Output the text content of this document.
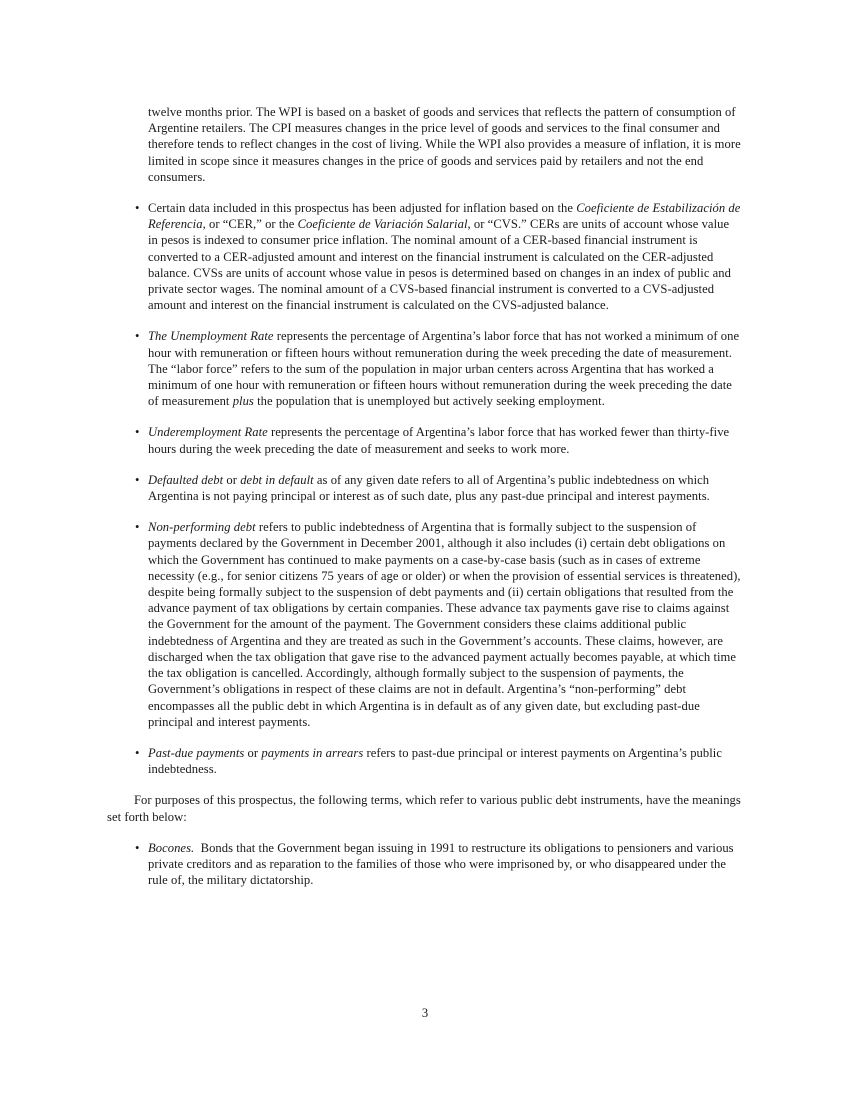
twelve months prior. The WPI is based on a basket of goods and services that reflects the pattern of consumption of Argentine retailers. The CPI measures changes in the price level of goods and services to the final consumer and therefore tends to reflect changes in the cost of living. While the WPI also provides a measure of inflation, it is more limited in scope since it measures changes in the price of goods and services paid by retailers and not the end consumers.

• Certain data included in this prospectus has been adjusted for inflation based on the Coeficiente de Estabilización de Referencia, or “CER,” or the Coeficiente de Variación Salarial, or “CVS.” CERs are units of account whose value in pesos is indexed to consumer price inflation. The nominal amount of a CER-based financial instrument is converted to a CER-adjusted amount and interest on the financial instrument is calculated on the CER-adjusted balance. CVSs are units of account whose value in pesos is determined based on changes in an index of public and private sector wages. The nominal amount of a CVS-based financial instrument is converted to a CVS-adjusted amount and interest on the financial instrument is calculated on the CVS-adjusted balance.
• The Unemployment Rate represents the percentage of Argentina’s labor force that has not worked a minimum of one hour with remuneration or fifteen hours without remuneration during the week preceding the date of measurement. The “labor force” refers to the sum of the population in major urban centers across Argentina that has worked a minimum of one hour with remuneration or fifteen hours without remuneration during the week preceding the date of measurement plus the population that is unemployed but actively seeking employment.
• Underemployment Rate represents the percentage of Argentina’s labor force that has worked fewer than thirty-five hours during the week preceding the date of measurement and seeks to work more.
• Defaulted debt or debt in default as of any given date refers to all of Argentina’s public indebtedness on which Argentina is not paying principal or interest as of such date, plus any past-due principal and interest payments.
• Non-performing debt refers to public indebtedness of Argentina that is formally subject to the suspension of payments declared by the Government in December 2001, although it also includes (i) certain debt obligations on which the Government has continued to make payments on a case-by-case basis (such as in cases of extreme necessity (e.g., for senior citizens 75 years of age or older) or when the provision of essential services is threatened), despite being formally subject to the suspension of debt payments and (ii) certain obligations that resulted from the advance payment of tax obligations by certain companies. These advance tax payments gave rise to claims against the Government for the amount of the payment. The Government considers these claims additional public indebtedness of Argentina and they are treated as such in the Government’s accounts. These claims, however, are discharged when the tax obligation that gave rise to the advanced payment actually becomes payable, at which time the tax obligation is cancelled. Accordingly, although formally subject to the suspension of payments, the Government’s obligations in respect of these claims are not in default. Argentina’s “non-performing” debt encompasses all the public debt in which Argentina is in default as of any given date, but excluding past-due principal and interest payments.
• Past-due payments or payments in arrears refers to past-due principal or interest payments on Argentina’s public indebtedness.

For purposes of this prospectus, the following terms, which refer to various public debt instruments, have the meanings set forth below:

• Bocones.  Bonds that the Government began issuing in 1991 to restructure its obligations to pensioners and various private creditors and as reparation to the families of those who were imprisoned by, or who disappeared under the rule of, the military dictatorship.
3
